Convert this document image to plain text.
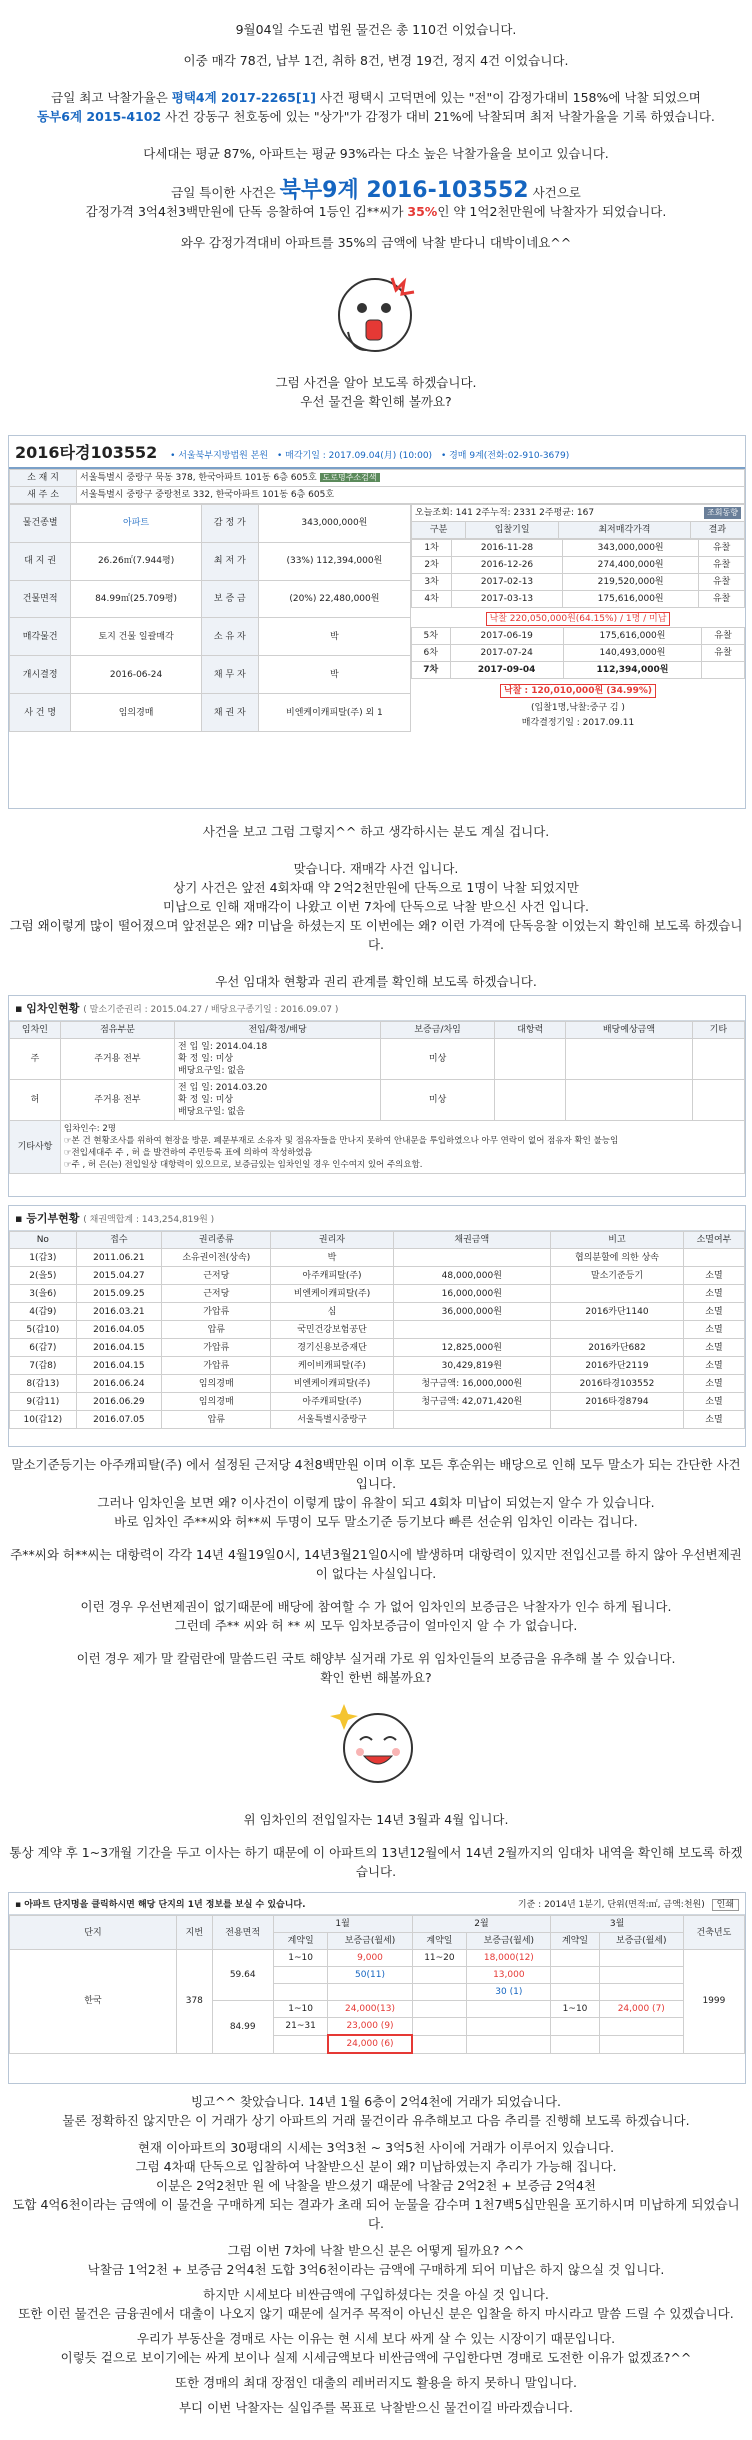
9월04일 수도권 법원 물건은 총 110건 이었습니다.

이중 매각 78건, 납부 1건, 취하 8건, 변경 19건, 정지 4건 이었습니다.

금일 최고 낙찰가율은 평택4계 2017-2265[1] 사건 평택시 고덕면에 있는 "전"이 감정가대비 158%에 낙찰 되었으며
동부6계 2015-4102 사건 강동구 천호동에 있는 "상가"가 감정가 대비 21%에 낙찰되며 최저 낙찰가율을 기록 하였습니다.

다세대는 평균 87%, 아파트는 평균 93%라는 다소 높은 낙찰가율을 보이고 있습니다.

금일 특이한 사건은 북부9계 2016-103552 사건으로

감정가격 3억4천3백만원에 단독 응찰하여 1등인 김**씨가 35%인 약 1억2천만원에 낙찰자가 되었습니다.

와우 감정가격대비 아파트를 35%의 금액에 낙찰 받다니 대박이네요^^

그럼 사건을 알아 보도록 하겠습니다.

우선 물건을 확인해 볼까요?

2016타경103552 • 서울북부지방법원 본원 • 매각기일 : 2017.09.04(月) (10:00) • 경매 9계(전화:02-910-3679)
소 재 지	서울특별시 중랑구 묵동 378, 한국아파트 101동 6층 605호 도로명주소검색
새 주 소	서울특별시 중랑구 중랑천로 332, 한국아파트 101동 6층 605호
물건종별	아파트	감 정 가	343,000,000원
대 지 권	26.26㎡(7.944평)	최 저 가	(33%) 112,394,000원
건물면적	84.99㎡(25.709평)	보 증 금	(20%) 22,480,000원
매각물건	토지 건물 일괄매각	소 유 자	박
개시결정	2016-06-24	채 무 자	박
사 건 명	임의경매	채 권 자	비엔케이캐피탈(주) 외 1
오늘조회: 141 2주누적: 2331 2주평균: 167	조회동향

구분	입찰기일	최저매각가격	결과
1차	2016-11-28	343,000,000원	유찰
2차	2016-12-26	274,400,000원	유찰
3차	2017-02-13	219,520,000원	유찰
4차	2017-03-13	175,616,000원	유찰
낙찰 220,050,000원(64.15%) / 1명 / 미납
5차	2017-06-19	175,616,000원	유찰
6차	2017-07-24	140,493,000원	유찰
7차	2017-09-04	112,394,000원	
낙찰 : 120,010,000원 (34.99%)
(입찰1명,낙찰:중구 김 )
매각결정기일 : 2017.09.11

사건을 보고 그럼 그렇지^^ 하고 생각하시는 분도 계실 겁니다.

맞습니다. 재매각 사건 입니다.

상기 사건은 앞전 4회차때 약 2억2천만원에 단독으로 1명이 낙찰 되었지만

미납으로 인해 재매각이 나왔고 이번 7차에 단독으로 낙찰 받으신 사건 입니다.

그럼 왜이렇게 많이 떨어졌으며 앞전분은 왜? 미납을 하셨는지 또 이번에는 왜? 이런 가격에 단독응찰 이었는지 확인해 보도록 하겠습니다.

우선 임대차 현황과 권리 관계를 확인해 보도록 하겠습니다.

▪ 임차인현황 ( 말소기준권리 : 2015.04.27 / 배당요구종기일 : 2016.09.07 )
임차인	점유부분	전입/확정/배당	보증금/차임	대항력	배당예상금액	기타
주	주거용 전부	전 입 일: 2014.04.18
확 정 일: 미상
배당요구일: 없음	미상			
허	주거용 전부	전 입 일: 2014.03.20
확 정 일: 미상
배당요구일: 없음	미상			
기타사항	임차인수: 2명
☞본 건 현황조사를 위하여 현장을 방문. 폐문부재로 소유자 및 점유자들을 만나지 못하여 안내문을 투입하였으나 아무 연락이 없어 점유자 확인 불능임
☞전입세대주 주 , 허 을 발견하여 주민등록 표에 의하여 작성하였음
☞주 , 허 은(는) 전입일상 대항력이 있으므로, 보증금있는 임차인일 경우 인수여지 있어 주의요함.					
▪ 등기부현황 ( 채권액합계 : 143,254,819원 )
No	접수	권리종류	권리자	채권금액	비고	소멸여부
1(갑3)	2011.06.21	소유권이전(상속)	박		협의분할에 의한 상속	
2(을5)	2015.04.27	근저당	아주캐피탈(주)	48,000,000원	말소기준등기	소멸
3(을6)	2015.09.25	근저당	비엔케이캐피탈(주)	16,000,000원		소멸
4(갑9)	2016.03.21	가압류	심	36,000,000원	2016카단1140	소멸
5(갑10)	2016.04.05	압류	국민건강보험공단			소멸
6(갑7)	2016.04.15	가압류	경기신용보증재단	12,825,000원	2016카단682	소멸
7(갑8)	2016.04.15	가압류	케이비캐피탈(주)	30,429,819원	2016카단2119	소멸
8(갑13)	2016.06.24	임의경매	비엔케이캐피탈(주)	청구금액: 16,000,000원	2016타경103552	소멸
9(갑11)	2016.06.29	임의경매	아주캐피탈(주)	청구금액: 42,071,420원	2016타경8794	소멸
10(갑12)	2016.07.05	압류	서울특별시중랑구			소멸

말소기준등기는 아주캐피탈(주) 에서 설정된 근저당 4천8백만원 이며 이후 모든 후순위는 배당으로 인해 모두 말소가 되는 간단한 사건 입니다.

그러나 임차인을 보면 왜? 이사건이 이렇게 많이 유찰이 되고 4회차 미납이 되었는지 알수 가 있습니다.

바로 임차인 주**씨와 허**씨 두명이 모두 말소기준 등기보다 빠른 선순위 임차인 이라는 겁니다.

주**씨와 허**씨는 대항력이 각각 14년 4월19일0시, 14년3월21일0시에 발생하며 대항력이 있지만 전입신고를 하지 않아 우선변제권이 없다는 사실입니다.

이런 경우 우선변제권이 없기때문에 배당에 참여할 수 가 없어 임차인의 보증금은 낙찰자가 인수 하게 됩니다.

그런데 주** 씨와 허 ** 씨 모두 임차보증금이 얼마인지 알 수 가 없습니다.

이런 경우 제가 말 칼럼란에 말씀드린 국토 해양부 실거래 가로 위 임차인들의 보증금을 유추해 볼 수 있습니다.

확인 한번 해볼까요?

위 임차인의 전입일자는 14년 3월과 4월 입니다.

통상 계약 후 1~3개월 기간을 두고 이사는 하기 때문에 이 아파트의 13년12월에서 14년 2월까지의 임대차 내역을 확인해 보도록 하겠습니다.

▪ 아파트 단지명을 클릭하시면 해당 단지의 1년 정보를 보실 수 있습니다.	기준 : 2014년 1분기, 단위(면적:㎡, 금액:천원) 인쇄
단지	지번	전용면적	1월		2월		3월		건축년도
			계약일	보증금(월세)	계약일	보증금(월세)	계약일	보증금(월세)	
한국	378	59.64	1~10	9,000	11~20	18,000(12)			1999
				50(11)		13,000			
						30 (1)			
		84.99	1~10	24,000(13)			1~10	24,000 (7)	
			21~31	23,000 (9)					
				24,000 (6)					

빙고^^ 찾았습니다. 14년 1월 6층이 2억4천에 거래가 되었습니다.

물론 정확하진 않지만은 이 거래가 상기 아파트의 거래 물건이라 유추해보고 다음 추리를 진행해 보도록 하겠습니다.

현재 이아파트의 30평대의 시세는 3억3천 ~ 3억5천 사이에 거래가 이루어지 있습니다.

그럼 4차때 단독으로 입찰하여 낙찰받으신 분이 왜? 미납하였는지 추리가 가능해 집니다.

이분은 2억2천만 원 에 낙찰을 받으셨기 때문에 낙찰금 2억2천 + 보증금 2억4천

도합 4억6천이라는 금액에 이 물건을 구매하게 되는 결과가 초래 되어 눈물을 감수며 1천7백5십만원을 포기하시며 미납하게 되었습니다.

그럼 이번 7차에 낙찰 받으신 분은 어떻게 될까요? ^^

낙찰금 1억2천 + 보증금 2억4천 도합 3억6천이라는 금액에 구매하게 되어 미납은 하지 않으실 것 입니다.

하지만 시세보다 비싼금액에 구입하셨다는 것을 아실 것 입니다.

또한 이런 물건은 금융권에서 대출이 나오지 않기 때문에 실거주 목적이 아닌신 분은 입찰을 하지 마시라고 말씀 드릴 수 있겠습니다.

우리가 부동산을 경매로 사는 이유는 현 시세 보다 싸게 살 수 있는 시장이기 때문입니다.

이렇듯 겉으로 보이기에는 싸게 보이나 실제 시세금액보다 비싼금액에 구입한다면 경매로 도전한 이유가 없겠죠?^^

또한 경매의 최대 장점인 대출의 레버러지도 활용을 하지 못하니 말입니다.

부디 이번 낙찰자는 실입주를 목표로 낙찰받으신 물건이길 바라겠습니다.
